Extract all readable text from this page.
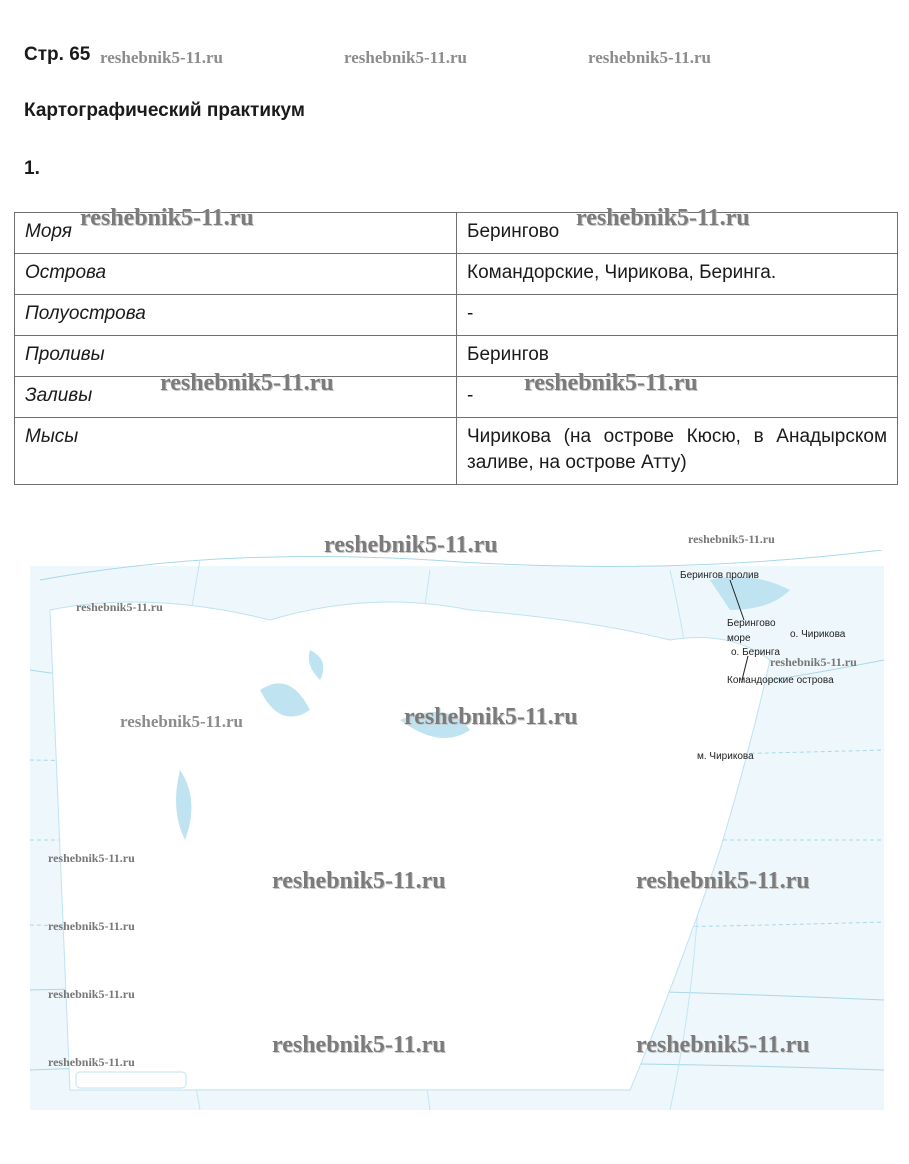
Стр. 65
Картографический практикум
1.
reshebnik5-11.ru	reshebnik5-11.ru	reshebnik5-11.ru
Моря	Берингово
Острова	Командорские, Чирикова, Беринга.
Полуострова	-
Проливы	Берингов
Заливы	-
Мысы	Чирикова (на острове Кюсю, в Анадырском заливе, на острове Атту)
reshebnik5-11.ru	reshebnik5-11.ru
reshebnik5-11.ru	reshebnik5-11.ru
Берингов пролив
Берингово
море	о. Чирикова
о. Беринга
Командорские острова
м. Чирикова
reshebnik5-11.ru	reshebnik5-11.ru
reshebnik5-11.ru
reshebnik5-11.ru
reshebnik5-11.ru	reshebnik5-11.ru
reshebnik5-11.ru
reshebnik5-11.ru	reshebnik5-11.ru
reshebnik5-11.ru
reshebnik5-11.ru
reshebnik5-11.ru	reshebnik5-11.ru
reshebnik5-11.ru
